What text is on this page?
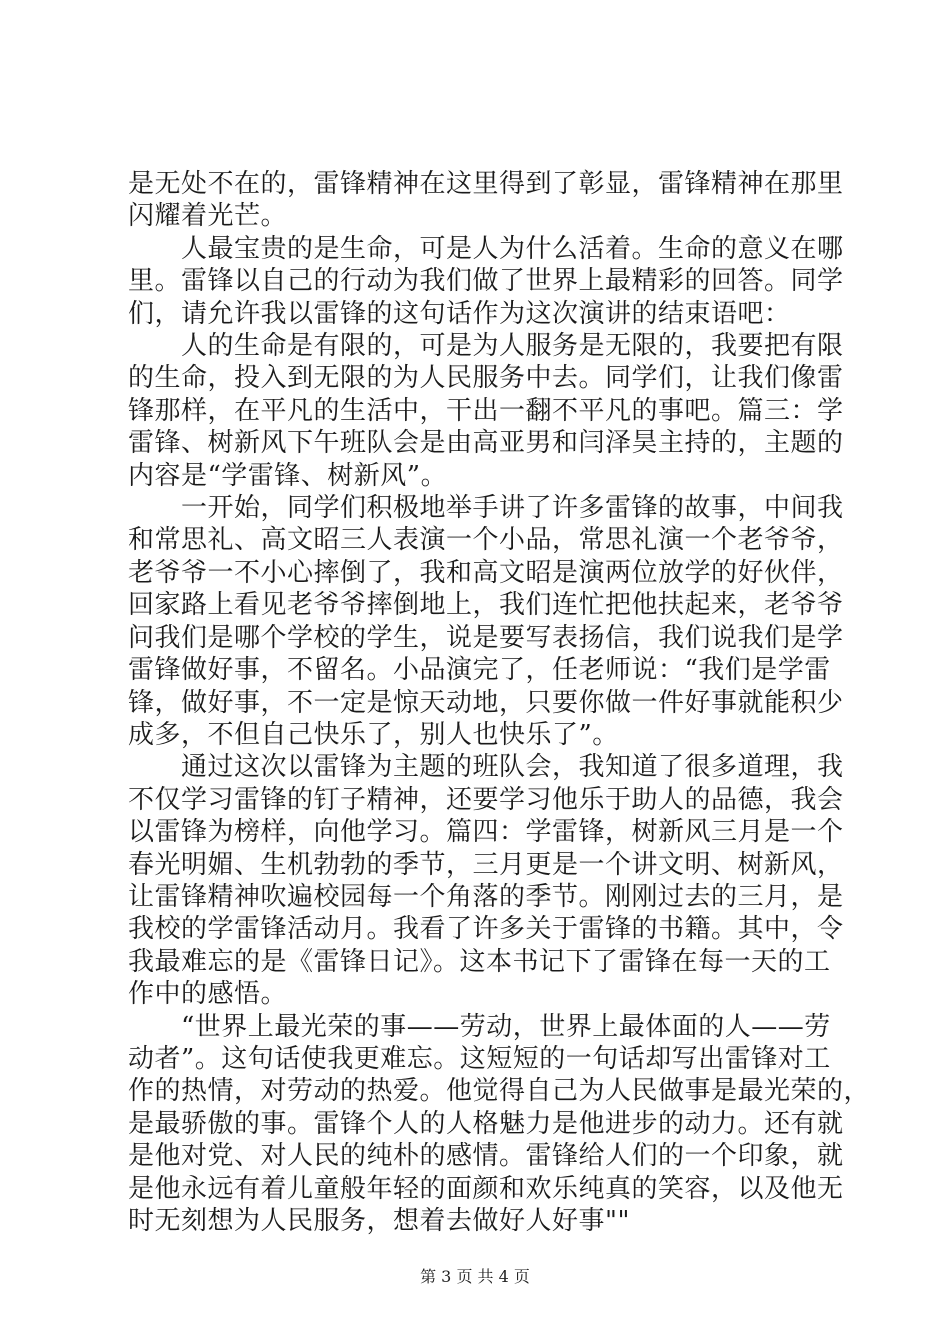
是无处不在的，雷锋精神在这里得到了彰显，雷锋精神在那里
闪耀着光芒。
　　人最宝贵的是生命，可是人为什么活着。生命的意义在哪
里。雷锋以自己的行动为我们做了世界上最精彩的回答。同学
们，请允许我以雷锋的这句话作为这次演讲的结束语吧：
　　人的生命是有限的，可是为人服务是无限的，我要把有限
的生命，投入到无限的为人民服务中去。同学们，让我们像雷
锋那样，在平凡的生活中，干出一翻不平凡的事吧。篇三：学
雷锋、树新风下午班队会是由高亚男和闫泽昊主持的，主题的
内容是“学雷锋、树新风”。
　　一开始，同学们积极地举手讲了许多雷锋的故事，中间我
和常思礼、高文昭三人表演一个小品，常思礼演一个老爷爷，
老爷爷一不小心摔倒了，我和高文昭是演两位放学的好伙伴，
回家路上看见老爷爷摔倒地上，我们连忙把他扶起来，老爷爷
问我们是哪个学校的学生，说是要写表扬信，我们说我们是学
雷锋做好事，不留名。小品演完了，任老师说：“我们是学雷
锋，做好事，不一定是惊天动地，只要你做一件好事就能积少
成多，不但自己快乐了，别人也快乐了”。
　　通过这次以雷锋为主题的班队会，我知道了很多道理，我
不仅学习雷锋的钉子精神，还要学习他乐于助人的品德，我会
以雷锋为榜样，向他学习。篇四：学雷锋，树新风三月是一个
春光明媚、生机勃勃的季节，三月更是一个讲文明、树新风，
让雷锋精神吹遍校园每一个角落的季节。刚刚过去的三月，是
我校的学雷锋活动月。我看了许多关于雷锋的书籍。其中，令
我最难忘的是《雷锋日记》。这本书记下了雷锋在每一天的工
作中的感悟。
　　“世界上最光荣的事——劳动，世界上最体面的人——劳
动者”。这句话使我更难忘。这短短的一句话却写出雷锋对工
作的热情，对劳动的热爱。他觉得自己为人民做事是最光荣的，
是最骄傲的事。雷锋个人的人格魅力是他进步的动力。还有就
是他对党、对人民的纯朴的感情。雷锋给人们的一个印象，就
是他永远有着儿童般年轻的面颜和欢乐纯真的笑容，以及他无
时无刻想为人民服务，想着去做好人好事""
第 3 页 共 4 页
